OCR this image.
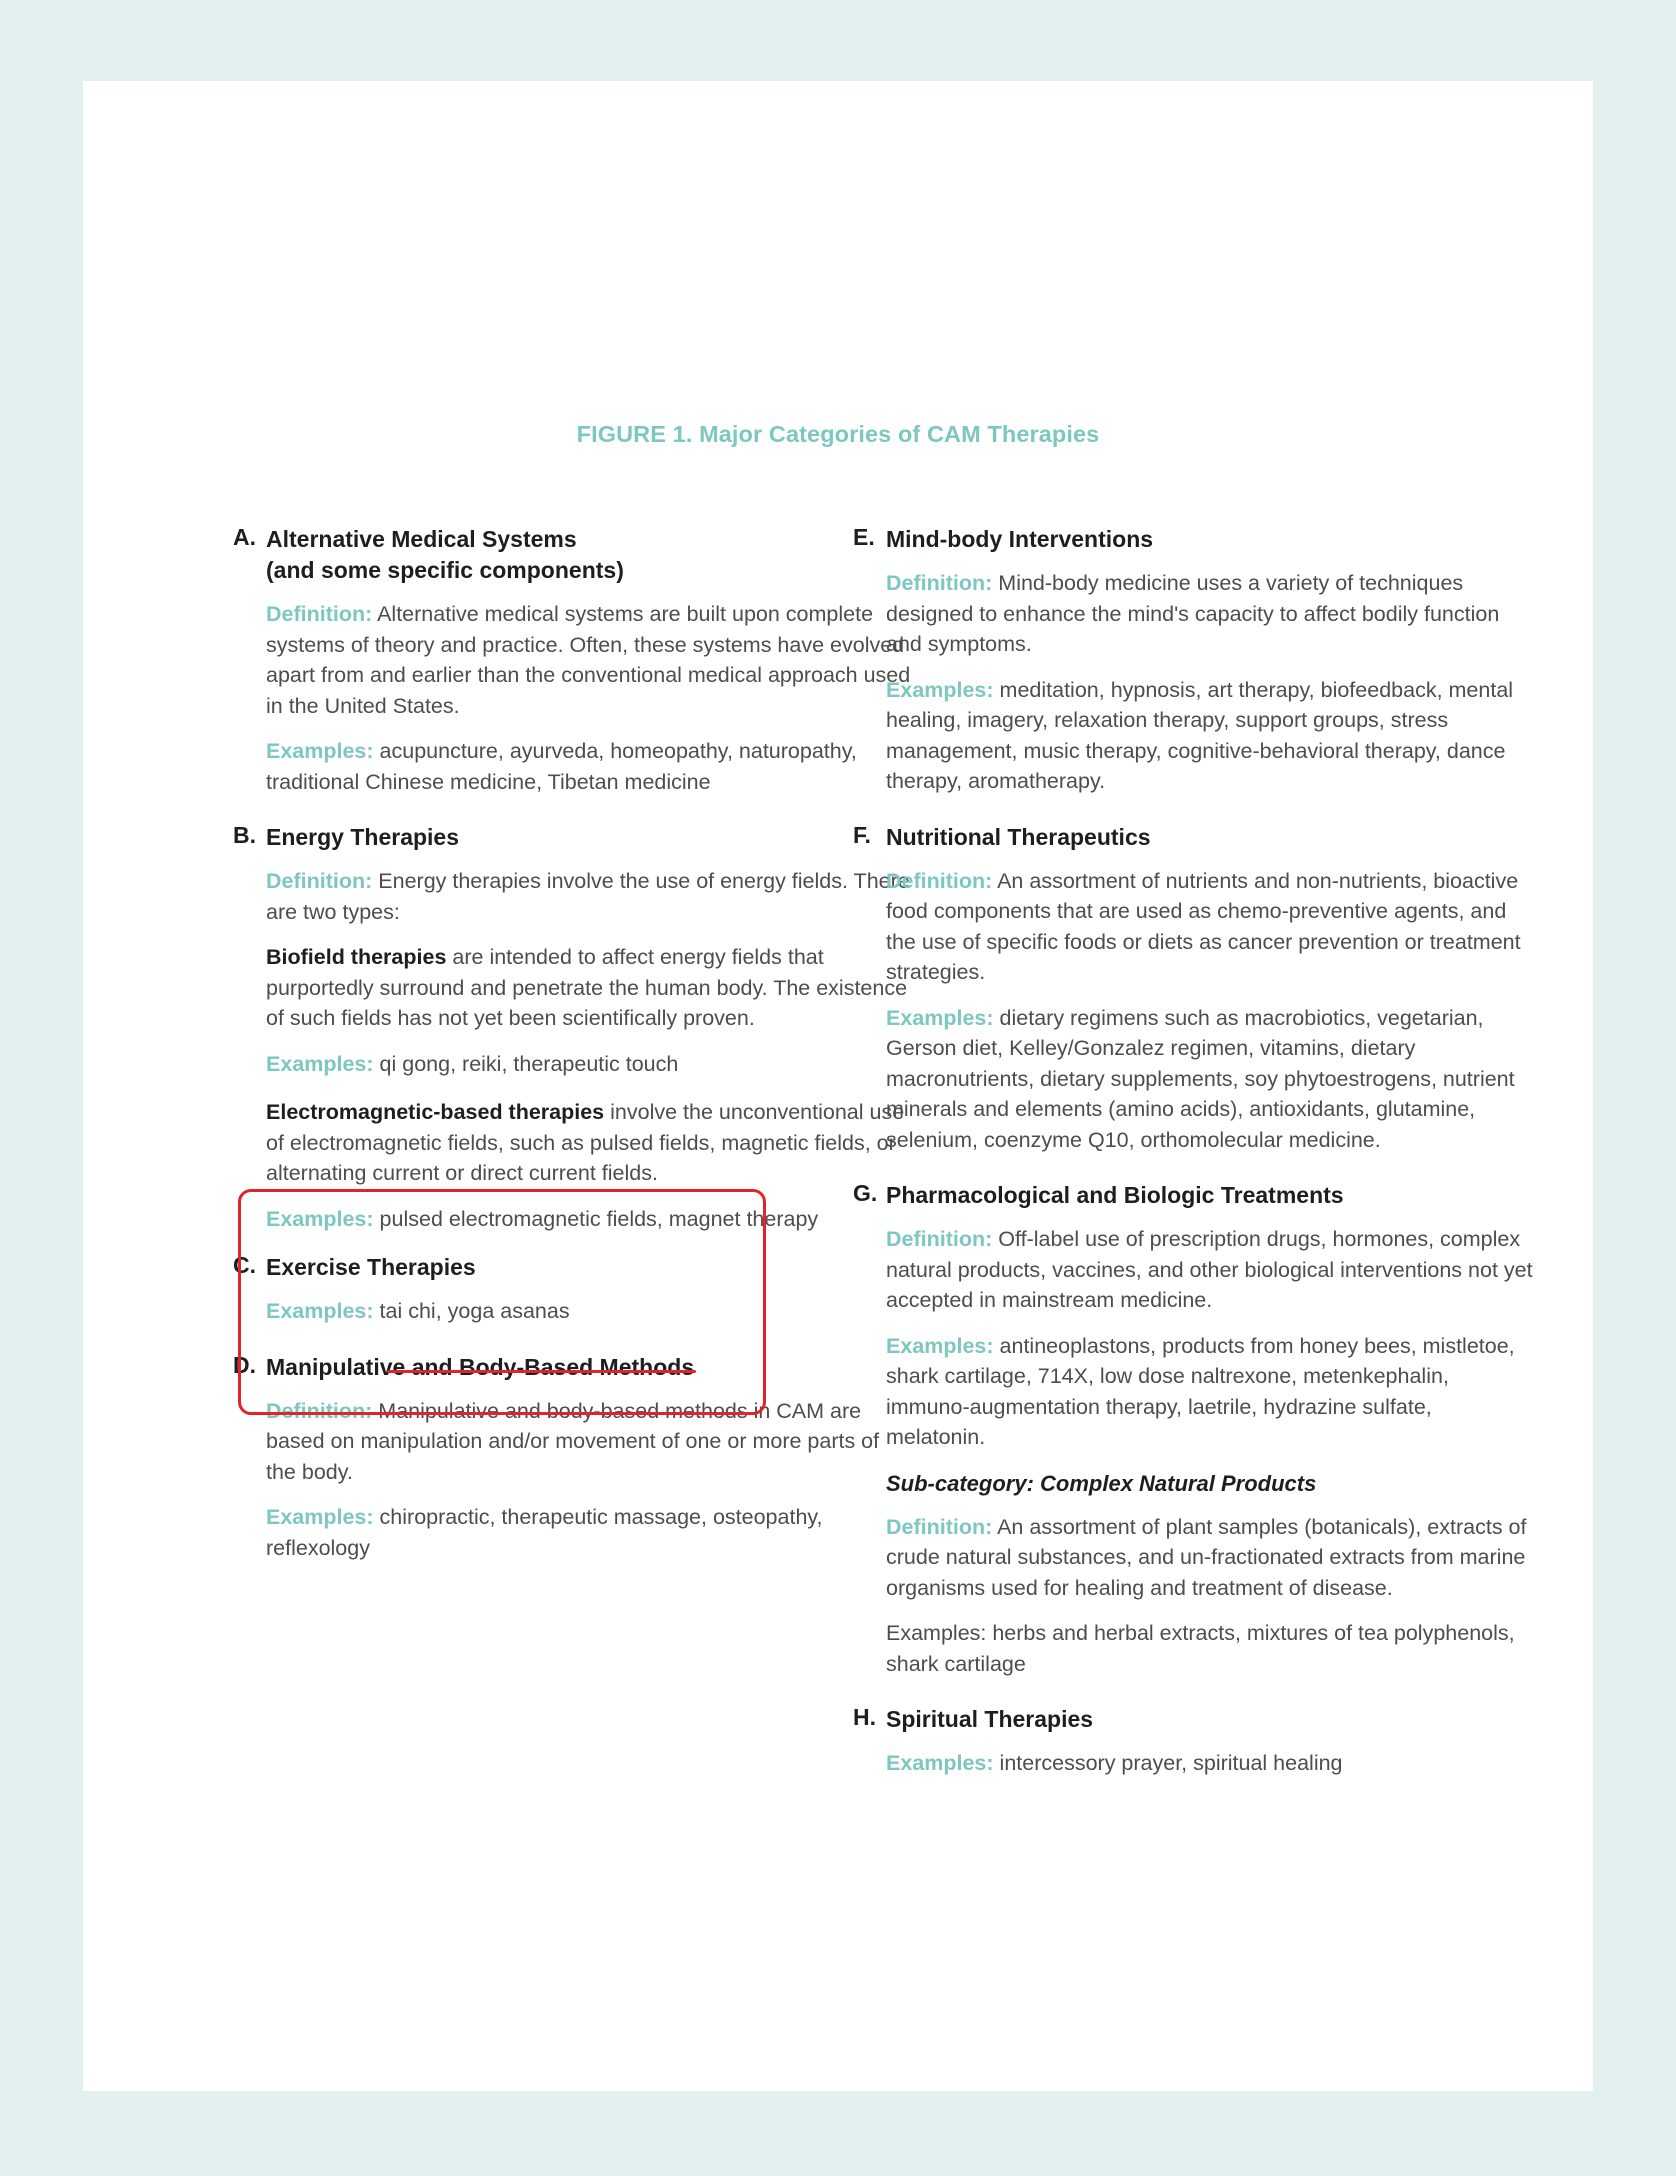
FIGURE 1. Major Categories of CAM Therapies
A. Alternative Medical Systems
(and some specific components)

Definition: Alternative medical systems are built upon complete systems of theory and practice. Often, these systems have evolved apart from and earlier than the conventional medical approach used in the United States.

Examples: acupuncture, ayurveda, homeopathy, naturopathy, traditional Chinese medicine, Tibetan medicine

B. Energy Therapies

Definition: Energy therapies involve the use of energy fields. There are two types:

Biofield therapies are intended to affect energy fields that purportedly surround and penetrate the human body. The existence of such fields has not yet been scientifically proven.

Examples: qi gong, reiki, therapeutic touch

Electromagnetic-based therapies involve the unconventional use of electromagnetic fields, such as pulsed fields, magnetic fields, or alternating current or direct current fields.

Examples: pulsed electromagnetic fields, magnet therapy

C. Exercise Therapies

Examples: tai chi, yoga asanas

D. Manipulative and Body-Based Methods

Definition: Manipulative and body-based methods in CAM are based on manipulation and/or movement of one or more parts of the body.

Examples: chiropractic, therapeutic massage, osteopathy, reflexology

E. Mind-body Interventions

Definition: Mind-body medicine uses a variety of techniques designed to enhance the mind's capacity to affect bodily function and symptoms.

Examples: meditation, hypnosis, art therapy, biofeedback, mental healing, imagery, relaxation therapy, support groups, stress management, music therapy, cognitive-behavioral therapy, dance therapy, aromatherapy.

F. Nutritional Therapeutics

Definition: An assortment of nutrients and non-nutrients, bioactive food components that are used as chemo-preventive agents, and the use of specific foods or diets as cancer prevention or treatment strategies.

Examples: dietary regimens such as macrobiotics, vegetarian, Gerson diet, Kelley/Gonzalez regimen, vitamins, dietary macronutrients, dietary supplements, soy phytoestrogens, nutrient minerals and elements (amino acids), antioxidants, glutamine, selenium, coenzyme Q10, orthomolecular medicine.

G. Pharmacological and Biologic Treatments

Definition: Off-label use of prescription drugs, hormones, complex natural products, vaccines, and other biological interventions not yet accepted in mainstream medicine.

Examples: antineoplastons, products from honey bees, mistletoe, shark cartilage, 714X, low dose naltrexone, metenkephalin, immuno-augmentation therapy, laetrile, hydrazine sulfate, melatonin.

Sub-category: Complex Natural Products

Definition: An assortment of plant samples (botanicals), extracts of crude natural substances, and un-fractionated extracts from marine organisms used for healing and treatment of disease.

Examples: herbs and herbal extracts, mixtures of tea polyphenols, shark cartilage

H. Spiritual Therapies

Examples: intercessory prayer, spiritual healing
